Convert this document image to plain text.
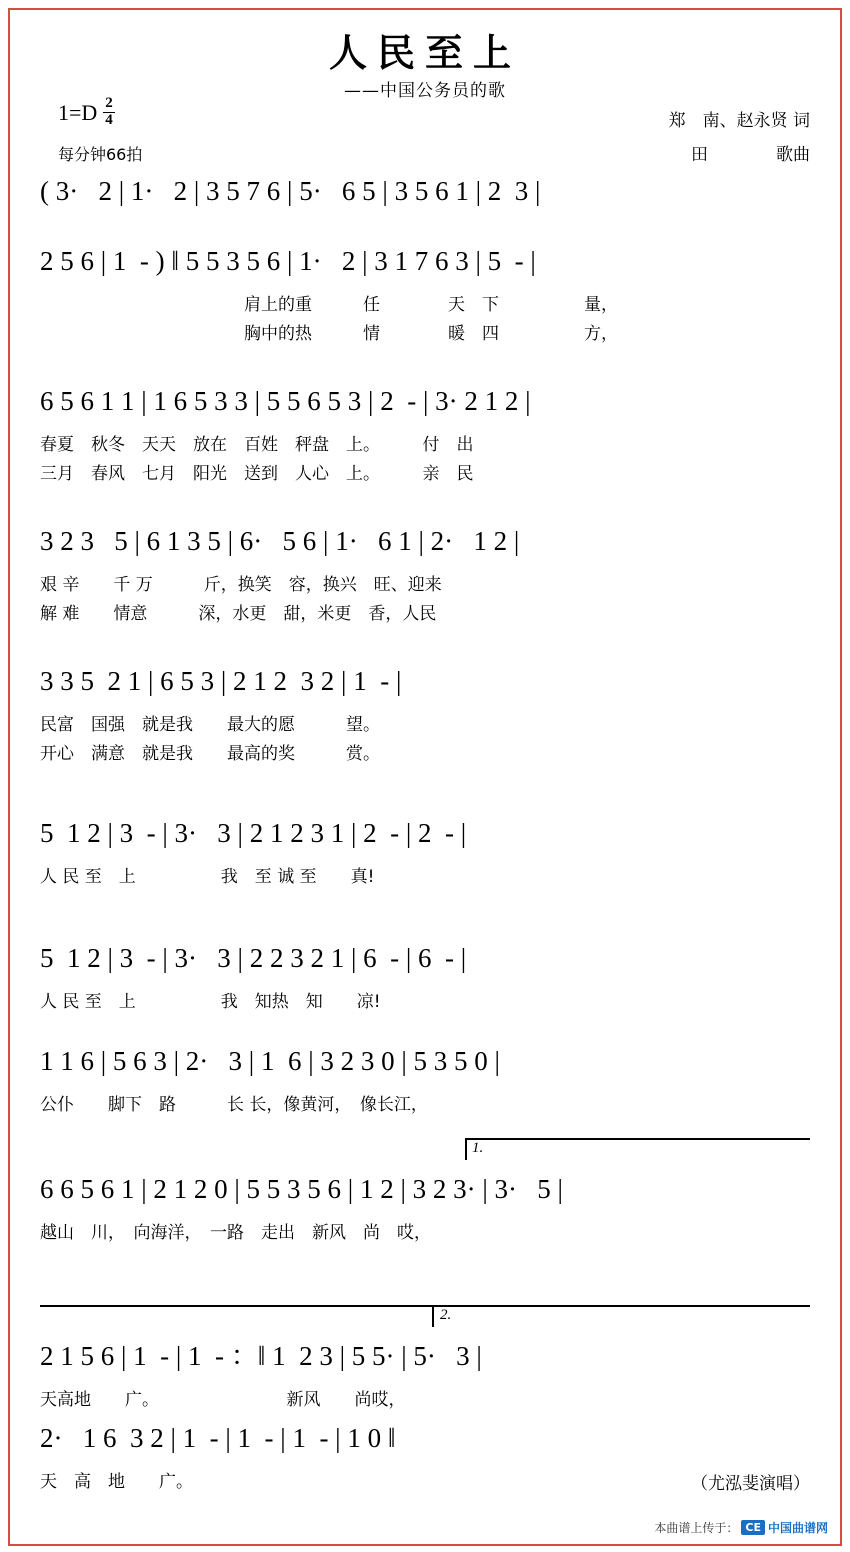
人民至上
——中国公务员的歌
$1=D \frac{2}{4}$
每分钟66拍
郑　南、赵永贤 词
田　　　　歌曲
( 3·   2 | 1·   2 | 3 5 7 6 | 5·   6 5 | 3 5 6 1 | 2  3 |
2 5 6 | 1  - ) ‖ 5 5 3 5 6 | 1·   2 | 3 1 7 6 3 | 5  - |
　　　　　　　　　　　　肩上的重　　　任　　　　天　下　　　　　量，
　　　　　　　　　　　　胸中的热　　　情　　　　暖　四　　　　　方，
6 5 6 1 1 | 1 6 5 3 3 | 5 5 6 5 3 | 2  - | 3· 2 1 2 |
春夏　秋冬　天天　放在　百姓　秤盘　上。　　　付　出
三月　春风　七月　阳光　送到　人心　上。　　　亲　民
3 2 3   5 | 6 1 3 5 | 6·   5 6 | 1·   6 1 | 2·   1 2 |
艰 辛　　千 万　　　斤，换笑　容，换兴　旺、迎来
解 难　　情意　　　深，水更　甜，米更　香，人民
3 3 5  2 1 | 6 5 3 | 2 1 2  3 2 | 1  - |
民富　国强　就是我　　最大的愿　　　望。
开心　满意　就是我　　最高的奖　　　赏。
5  1 2 | 3  - | 3·   3 | 2 1 2 3 1 | 2  - | 2  - |
人 民 至　上　　　　　我　至 诚 至　　真!
5  1 2 | 3  - | 3·   3 | 2 2 3 2 1 | 6  - | 6  - |
人 民 至　上　　　　　我　知热　知　　凉!
1 1 6 | 5 6 3 | 2·   3 | 1  6 | 3 2 3 0 | 5 3 5 0 |
公仆　　脚下　路　　　长 长，像黄河，　像长江，
1.
6 6 5 6 1 | 2 1 2 0 | 5 5 3 5 6 | 1 2 | 3 2 3· | 3·   5 |
越山　川，　向海洋，　一路　走出　新风　尚　哎，
2.
2 1 5 6 | 1  - | 1  - ：‖ 1  2 3 | 5 5· | 5·   3 |
天高地　　广。　　　　　　　　新风　　尚哎，
2·   1 6  3 2 | 1  - | 1  - | 1  - | 1 0 ‖
天　高　地　　广。	（尤泓斐演唱）
本曲谱上传于： CE 中国曲谱网
